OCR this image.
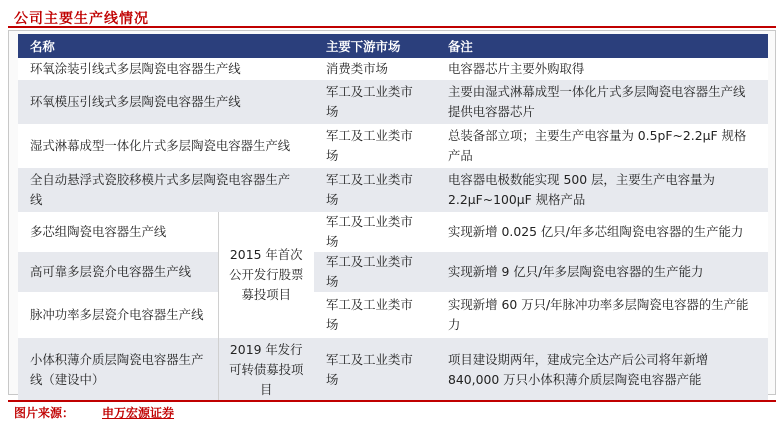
公司主要生产线情况
名称		主要下游市场	备注
环氧涂装引线式多层陶瓷电容器生产线		消费类市场	电容器芯片主要外购取得
环氧模压引线式多层陶瓷电容器生产线		军工及工业类市场	主要由湿式淋幕成型一体化片式多层陶瓷电容器生产线提供电容器芯片
湿式淋幕成型一体化片式多层陶瓷电容器生产线		军工及工业类市场	总装备部立项；主要生产电容量为 0.5pF~2.2μF 规格产品
全自动悬浮式瓷胶移模片式多层陶瓷电容器生产线		军工及工业类市场	电容器电极数能实现 500 层，主要生产电容量为 2.2μF~100μF 规格产品
多芯组陶瓷电容器生产线	2015 年首次公开发行股票募投项目	军工及工业类市场	实现新增 0.025 亿只/年多芯组陶瓷电容器的生产能力
高可靠多层瓷介电容器生产线		军工及工业类市场	实现新增 9 亿只/年多层陶瓷电容器的生产能力
脉冲功率多层瓷介电容器生产线		军工及工业类市场	实现新增 60 万只/年脉冲功率多层陶瓷电容器的生产能力
小体积薄介质层陶瓷电容器生产线（建设中）	2019 年发行可转债募投项目	军工及工业类市场	项目建设期两年，建成完全达产后公司将年新增 840,000 万只小体积薄介质层陶瓷电容器产能
图片来源： 申万宏源证券
